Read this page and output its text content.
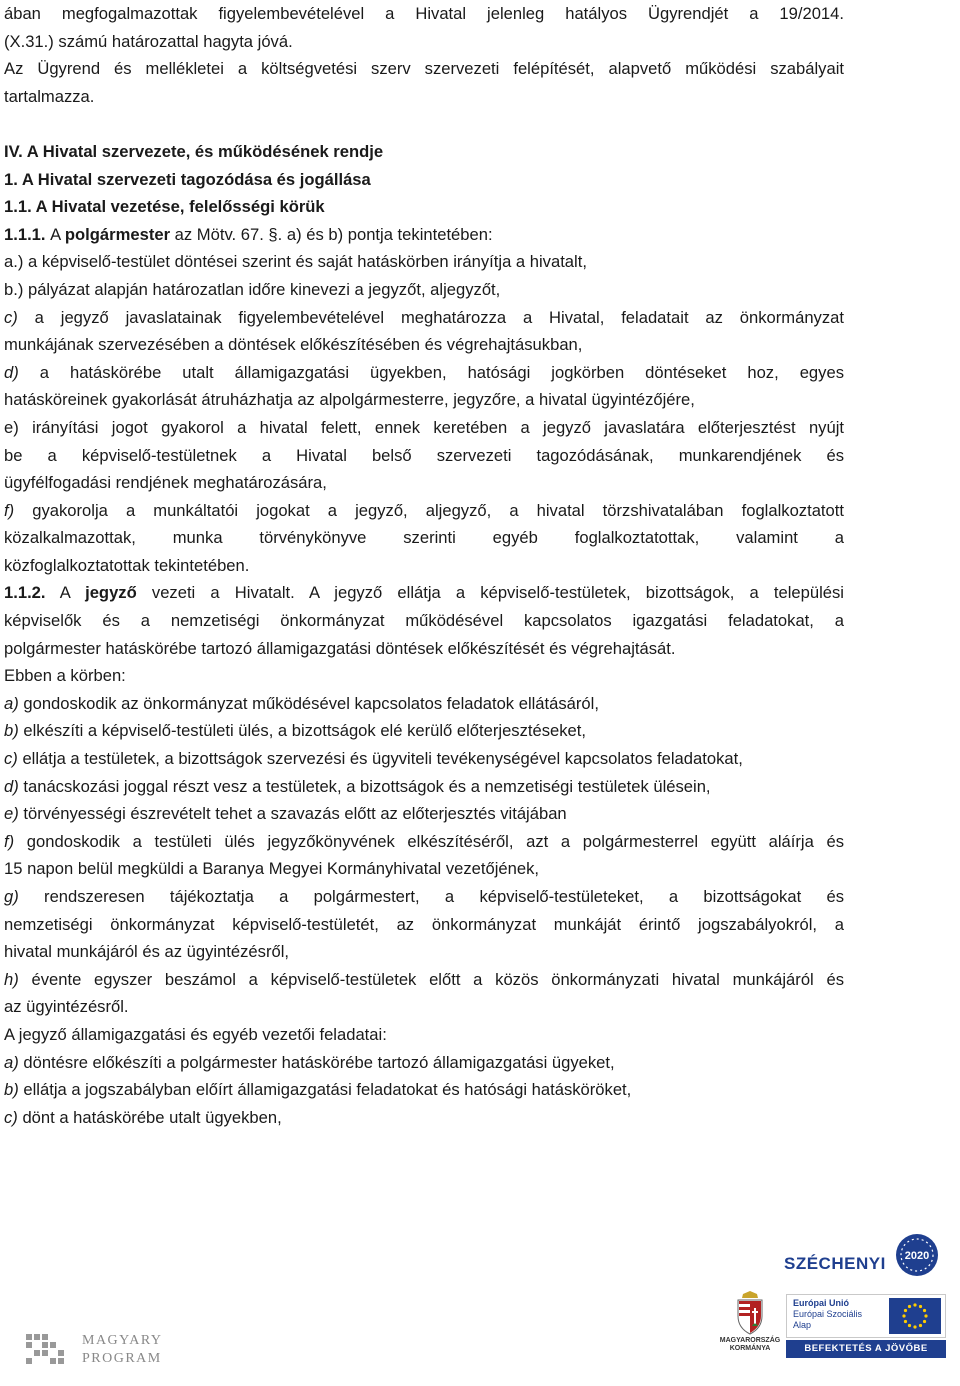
ában megfogalmazottak figyelembevételével a Hivatal jelenleg hatályos Ügyrendjét a 19/2014.
(X.31.) számú határozattal hagyta jóvá.
Az Ügyrend és mellékletei a költségvetési szerv szervezeti felépítését, alapvető működési szabályait
tartalmazza.
IV. A Hivatal szervezete, és működésének rendje
1. A Hivatal szervezeti tagozódása és jogállása
1.1. A Hivatal vezetése, felelősségi körük
1.1.1. A polgármester az Mötv. 67. §. a) és b) pontja tekintetében:
a.) a képviselő-testület döntései szerint és saját hatáskörben irányítja a hivatalt,
b.) pályázat alapján határozatlan időre kinevezi a jegyzőt, aljegyzőt,
c) a jegyző javaslatainak figyelembevételével meghatározza a Hivatal, feladatait az önkormányzat
munkájának szervezésében a döntések előkészítésében és végrehajtásukban,
d) a hatáskörébe utalt államigazgatási ügyekben, hatósági jogkörben döntéseket hoz, egyes
hatásköreinek gyakorlását átruházhatja az alpolgármesterre, jegyzőre, a hivatal ügyintézőjére,
e) irányítási jogot gyakorol a hivatal felett, ennek keretében a jegyző javaslatára előterjesztést nyújt
be a képviselő-testületnek a Hivatal belső szervezeti tagozódásának, munkarendjének és
ügyfélfogadási rendjének meghatározására,
f) gyakorolja a munkáltatói jogokat a jegyző, aljegyző, a hivatal törzshivatalában foglalkoztatott
közalkalmazottak, munka törvénykönyve szerinti egyéb foglalkoztatottak, valamint a
közfoglalkoztatottak tekintetében.
1.1.2. A jegyző vezeti a Hivatalt. A jegyző ellátja a képviselő-testületek, bizottságok, a települési
képviselők és a nemzetiségi önkormányzat működésével kapcsolatos igazgatási feladatokat, a
polgármester hatáskörébe tartozó államigazgatási döntések előkészítését és végrehajtását.
Ebben a körben:
a) gondoskodik az önkormányzat működésével kapcsolatos feladatok ellátásáról,
b) elkészíti a képviselő-testületi ülés, a bizottságok elé kerülő előterjesztéseket,
c) ellátja a testületek, a bizottságok szervezési és ügyviteli tevékenységével kapcsolatos feladatokat,
d) tanácskozási joggal részt vesz a testületek, a bizottságok és a nemzetiségi testületek ülésein,
e) törvényességi észrevételt tehet a szavazás előtt az előterjesztés vitájában
f) gondoskodik a testületi ülés jegyzőkönyvének elkészítéséről, azt a polgármesterrel együtt aláírja és
15 napon belül megküldi a Baranya Megyei Kormányhivatal vezetőjének,
g) rendszeresen tájékoztatja a polgármestert, a képviselő-testületeket, a bizottságokat és
nemzetiségi önkormányzat képviselő-testületét, az önkormányzat munkáját érintő jogszabályokról, a
hivatal munkájáról és az ügyintézésről,
h) évente egyszer beszámol a képviselő-testületek előtt a közös önkormányzati hivatal munkájáról és
az ügyintézésről.
A jegyző államigazgatási és egyéb vezetői feladatai:
a) döntésre előkészíti a polgármester hatáskörébe tartozó államigazgatási ügyeket,
b) ellátja a jogszabályban előírt államigazgatási feladatokat és hatósági hatásköröket,
c) dönt a hatáskörébe utalt ügyekben,
MAGYARY
PROGRAM
SZÉCHENYI 2020
MAGYARORSZÁG
KORMÁNYA
Európai Unió
Európai Szociális
Alap
BEFEKTETÉS A JÖVŐBE
